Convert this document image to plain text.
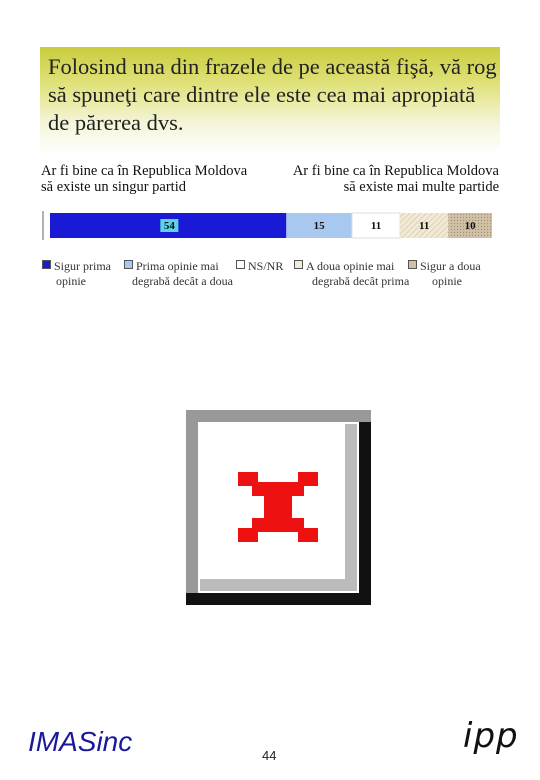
Folosind una din frazele de pe această fişă, vă rog să spuneţi care dintre ele este cea mai apropiată de părerea dvs.
Ar fi bine ca în Republica Moldova
să existe un singur partid
Ar fi bine ca în Republica Moldova
să existe mai multe partide
54	15	11	11	10
Sigur prima
opinie
Prima opinie mai
degrabă decât a doua
NS/NR	A doua opinie mai
degrabă decât prima
Sigur a doua
opinie
IMASinc	44	ipp
